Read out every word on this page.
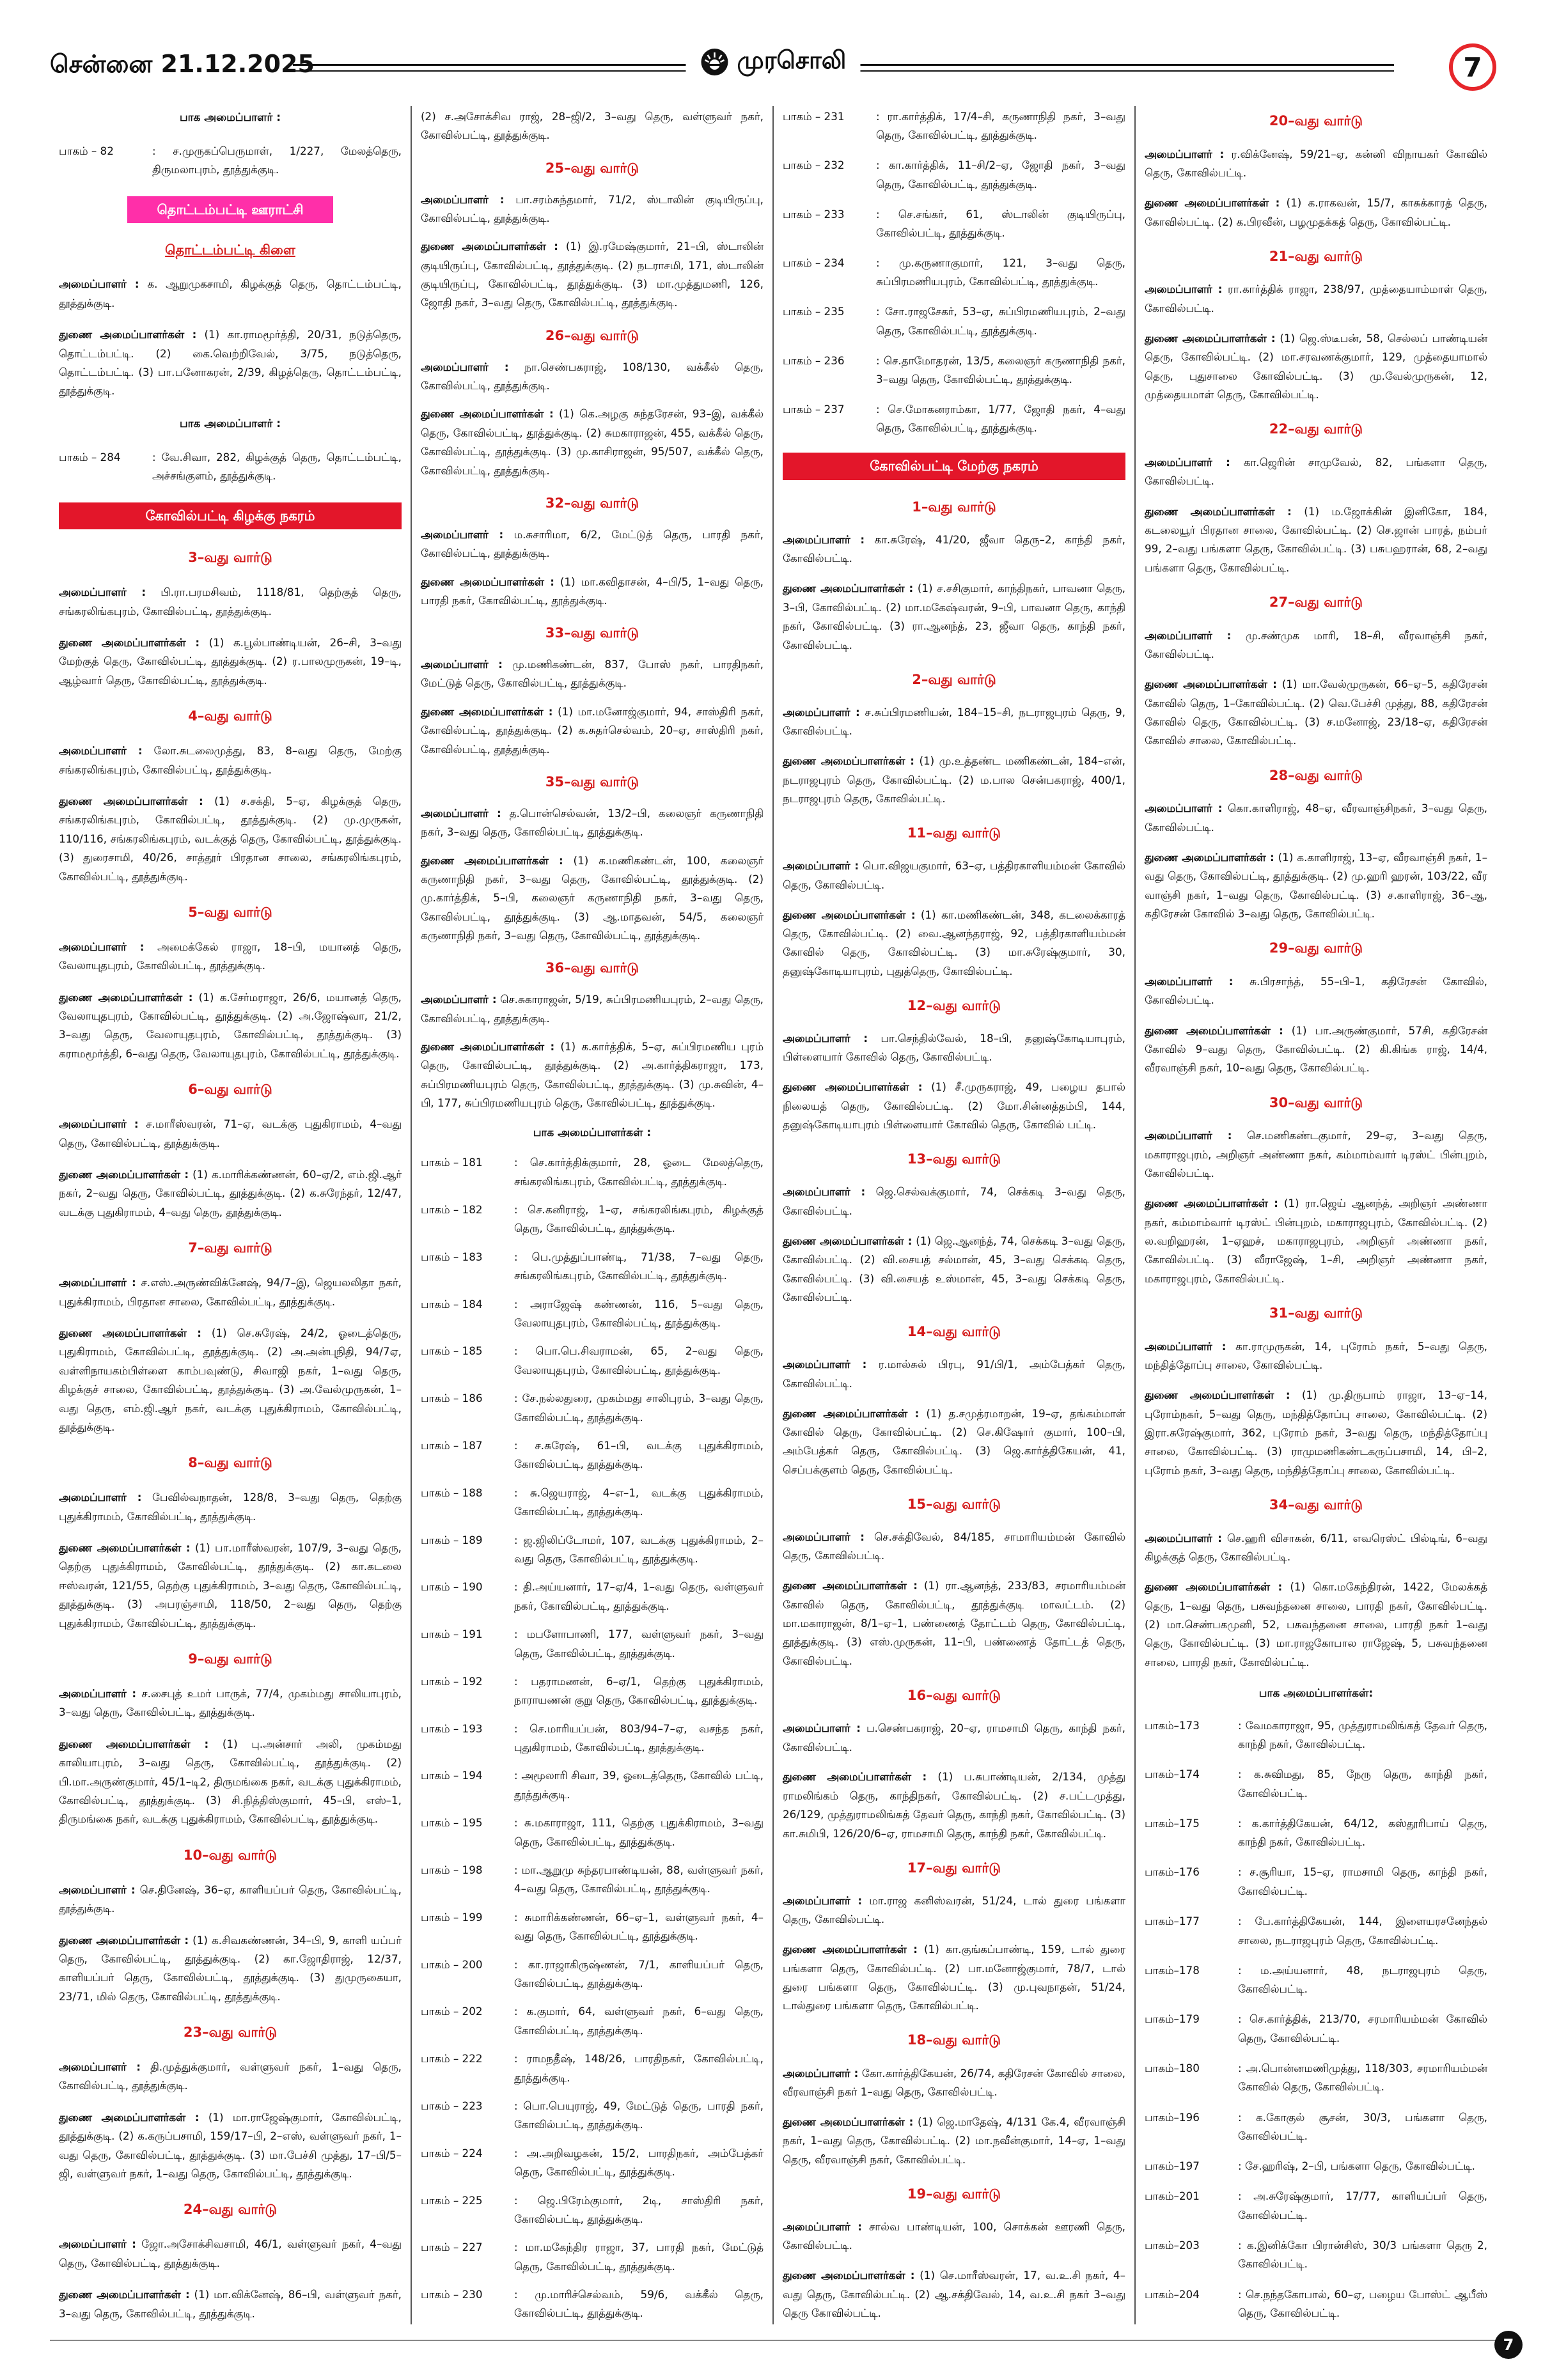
சென்னை 21.12.2025	முரசொலி	7
பாக அமைப்பாளர் :
பாகம் – 82	: ச.முருகப்பெருமாள், 1/227, மேலத்தெரு, திருமலாபுரம், தூத்துக்குடி.
தொட்டம்பட்டி ஊராட்சி
தொட்டம்பட்டி கிளை
அமைப்பாளர் : க. ஆறுமுகசாமி, கிழக்குத் தெரு, தொட்டம்பட்டி, தூத்துக்குடி.
துணை அமைப்பாளர்கள் : (1) கா.ராமமூர்த்தி, 20/31, நடுத்தெரு, தொட்டம்பட்டி. (2) கை.வெற்றிவேல், 3/75, நடுத்தெரு, தொட்டம்பட்டி. (3) பா.பனோகரன், 2/39, கிழத்தெரு, தொட்டம்பட்டி, தூத்துக்குடி.
பாக அமைப்பாளர் :
பாகம் – 284	: வே.சிவா, 282, கிழக்குத் தெரு, தொட்டம்பட்டி, அச்சங்குளம், தூத்துக்குடி.
கோவில்பட்டி கிழக்கு நகரம்
3–வது வார்டு
அமைப்பாளர் : பி.ரா.பரமசிவம், 1118/81, தெற்குத் தெரு, சங்கரலிங்கபுரம், கோவில்பட்டி, தூத்துக்குடி.
துணை அமைப்பாளர்கள் : (1) க.பூல்பாண்டியன், 26–சி, 3–வது மேற்குத் தெரு, கோவில்பட்டி, தூத்துக்குடி. (2) ர.பாலமுருகன், 19–டி, ஆழ்வார் தெரு, கோவில்பட்டி, தூத்துக்குடி.
4–வது வார்டு
அமைப்பாளர் : லோ.சுடலைமுத்து, 83, 8–வது தெரு, மேற்கு சங்கரலிங்கபுரம், கோவில்பட்டி, தூத்துக்குடி.
துணை அமைப்பாளர்கள் : (1) ச.சக்தி, 5–ஏ, கிழக்குத் தெரு, சங்கரலிங்கபுரம், கோவில்பட்டி, தூத்துக்குடி. (2) மு.முருகன், 110/116, சங்கரலிங்கபுரம், வடக்குத் தெரு, கோவில்பட்டி, தூத்துக்குடி. (3) துரைசாமி, 40/26, சாத்தூர் பிரதான சாலை, சங்கரலிங்கபுரம், கோவில்பட்டி, தூத்துக்குடி.
5–வது வார்டு
அமைப்பாளர் : அமைக்கேல் ராஜா, 18–பி, மயானத் தெரு, வேலாயுதபுரம், கோவில்பட்டி, தூத்துக்குடி.
துணை அமைப்பாளர்கள் : (1) க.சேர்மராஜா, 26/6, மயானத் தெரு, வேலாயுதபுரம், கோவில்பட்டி, தூத்துக்குடி. (2) அ.ஜோஷ்வா, 21/2, 3–வது தெரு, வேலாயுதபுரம், கோவில்பட்டி, தூத்துக்குடி. (3) கராமமூர்த்தி, 6–வது தெரு, வேலாயுதபுரம், கோவில்பட்டி, தூத்துக்குடி.
6–வது வார்டு
அமைப்பாளர் : ச.மாரீஸ்வரன், 71–ஏ, வடக்கு புதுகிராமம், 4–வது தெரு, கோவில்பட்டி, தூத்துக்குடி.
துணை அமைப்பாளர்கள் : (1) க.மாரிக்கண்ணன், 60–ஏ/2, எம்.ஜி.ஆர் நகர், 2–வது தெரு, கோவில்பட்டி, தூத்துக்குடி. (2) க.சுரேந்தர், 12/47, வடக்கு புதுகிராமம், 4–வது தெரு, தூத்துக்குடி.
7–வது வார்டு
அமைப்பாளர் : ச.எஸ்.அருண்விக்னேஷ், 94/7–இ, ஜெயலலிதா நகர், புதுக்கிராமம், பிரதான சாலை, கோவில்பட்டி, தூத்துக்குடி.
துணை அமைப்பாளர்கள் : (1) செ.சுரேஷ், 24/2, ஓடைத்தெரு, புதுகிராமம், கோவில்பட்டி, தூத்துக்குடி. (2) அ.அன்புநிதி, 94/7ஏ, வள்ளிநாயகம்பிள்ளை காம்பவுண்டு, சிவாஜி நகர், 1–வது தெரு, கிழக்குச் சாலை, கோவில்பட்டி, தூத்துக்குடி. (3) அ.வேல்முருகன், 1–வது தெரு, எம்.ஜி.ஆர் நகர், வடக்கு புதுக்கிராமம், கோவில்பட்டி, தூத்துக்குடி.
8–வது வார்டு
அமைப்பாளர் : பேவில்வநாதன், 128/8, 3–வது தெரு, தெற்கு புதுக்கிராமம், கோவில்பட்டி, தூத்துக்குடி.
துணை அமைப்பாளர்கள் : (1) பா.மாரீஸ்வரன், 107/9, 3–வது தெரு, தெற்கு புதுக்கிராமம், கோவில்பட்டி, தூத்துக்குடி. (2) கா.கடலை ஈஸ்வரன், 121/55, தெற்கு புதுக்கிராமம், 3–வது தெரு, கோவில்பட்டி, தூத்துக்குடி. (3) அபரஞ்சாமி, 118/50, 2–வது தெரு, தெற்கு புதுக்கிராமம், கோவில்பட்டி, தூத்துக்குடி.
9–வது வார்டு
அமைப்பாளர் : ச.சைபுத் உமர் பாருக், 77/4, முகம்மது சாலியாபுரம், 3–வது தெரு, கோவில்பட்டி, தூத்துக்குடி.
துணை அமைப்பாளர்கள் : (1) பு.அன்சார் அலி, முகம்மது காலியாபுரம், 3–வது தெரு, கோவில்பட்டி, தூத்துக்குடி. (2) பி.மா.அருண்குமார், 45/1–டி2, திருமங்கை நகர், வடக்கு புதுக்கிராமம், கோவில்பட்டி, தூத்துக்குடி. (3) சி.நித்திஸ்குமார், 45–பி, எஸ்–1, திருமங்கை நகர், வடக்கு புதுக்கிராமம், கோவில்பட்டி, தூத்துக்குடி.
10–வது வார்டு
அமைப்பாளர் : செ.தினேஷ், 36–ஏ, காளியப்பர் தெரு, கோவில்பட்டி, தூத்துக்குடி.
துணை அமைப்பாளர்கள் : (1) க.சிவகண்ணன், 34–பி, 9, காளி யப்பர் தெரு, கோவில்பட்டி, தூத்துக்குடி. (2) கா.ஜோதிராஜ், 12/37, காளியப்பர் தெரு, கோவில்பட்டி, தூத்துக்குடி. (3) துமுருகையா, 23/71, மில் தெரு, கோவில்பட்டி, தூத்துக்குடி.
23–வது வார்டு
அமைப்பாளர் : தி.முத்துக்குமார், வள்ளுவர் நகர், 1–வது தெரு, கோவில்பட்டி, தூத்துக்குடி.
துணை அமைப்பாளர்கள் : (1) மா.ராஜேஷ்குமார், கோவில்பட்டி, தூத்துக்குடி. (2) க.கருப்பசாமி, 159/17–பி, 2–எஸ், வள்ளுவர் நகர், 1–வது தெரு, கோவில்பட்டி, தூத்துக்குடி. (3) மா.பேச்சி முத்து, 17–பி/5–ஜி, வள்ளுவர் நகர், 1–வது தெரு, கோவில்பட்டி, தூத்துக்குடி.
24–வது வார்டு
அமைப்பாளர் : ஜோ.அசோக்சிவசாமி, 46/1, வள்ளுவர் நகர், 4–வது தெரு, கோவில்பட்டி, தூத்துக்குடி.
துணை அமைப்பாளர்கள் : (1) மா.விக்னேஷ், 86–பி, வள்ளுவர் நகர், 3–வது தெரு, கோவில்பட்டி, தூத்துக்குடி.
(2) ச.அசோக்சிவ ராஜ், 28–ஜி/2, 3–வது தெரு, வள்ளுவர் நகர், கோவில்பட்டி, தூத்துக்குடி.
25–வது வார்டு
அமைப்பாளர் : பா.சரம்சுந்தமார், 71/2, ஸ்டாலின் குடியிருப்பு, கோவில்பட்டி, தூத்துக்குடி.
துணை அமைப்பாளர்கள் : (1) இ.ரமேஷ்குமார், 21–பி, ஸ்டாலின் குடியிருப்பு, கோவில்பட்டி, தூத்துக்குடி. (2) நடராசமி, 171, ஸ்டாலின் குடியிருப்பு, கோவில்பட்டி, தூத்துக்குடி. (3) மா.முத்துமணி, 126, ஜோதி நகர், 3–வது தெரு, கோவில்பட்டி, தூத்துக்குடி.
26–வது வார்டு
அமைப்பாளர் : நா.செண்பகராஜ், 108/130, வக்கீல் தெரு, கோவில்பட்டி, தூத்துக்குடி.
துணை அமைப்பாளர்கள் : (1) கெ.அழகு சுந்தரேசன், 93–இ, வக்கீல் தெரு, கோவில்பட்டி, தூத்துக்குடி. (2) சுமகாராஜன், 455, வக்கீல் தெரு, கோவில்பட்டி, தூத்துக்குடி. (3) மு.காசிராஜன், 95/507, வக்கீல் தெரு, கோவில்பட்டி, தூத்துக்குடி.
32–வது வார்டு
அமைப்பாளர் : ம.சுசாரிமா, 6/2, மேட்டுத் தெரு, பாரதி நகர், கோவில்பட்டி, தூத்துக்குடி.
துணை அமைப்பாளர்கள் : (1) மா.கவிதாசன், 4–பி/5, 1–வது தெரு, பாரதி நகர், கோவில்பட்டி, தூத்துக்குடி.
33–வது வார்டு
அமைப்பாளர் : மு.மணிகண்டன், 837, போஸ் நகர், பாரதிநகர், மேட்டுத் தெரு, கோவில்பட்டி, தூத்துக்குடி.
துணை அமைப்பாளர்கள் : (1) மா.மனோஜ்குமார், 94, சாஸ்திரி நகர், கோவில்பட்டி, தூத்துக்குடி. (2) க.சுதர்செல்வம், 20–ஏ, சாஸ்திரி நகர், கோவில்பட்டி, தூத்துக்குடி.
35–வது வார்டு
அமைப்பாளர் : த.பொன்செல்வன், 13/2–பி, கலைஞர் கருணாநிதி நகர், 3–வது தெரு, கோவில்பட்டி, தூத்துக்குடி.
துணை அமைப்பாளர்கள் : (1) க.மணிகண்டன், 100, கலைஞர் கருணாநிதி நகர், 3–வது தெரு, கோவில்பட்டி, தூத்துக்குடி. (2) மு.கார்த்திக், 5–பி, கலைஞர் கருணாநிதி நகர், 3–வது தெரு, கோவில்பட்டி, தூத்துக்குடி. (3) ஆ.மாதவன், 54/5, கலைஞர் கருணாநிதி நகர், 3–வது தெரு, கோவில்பட்டி, தூத்துக்குடி.
36–வது வார்டு
அமைப்பாளர் : செ.சுகாராஜன், 5/19, சுப்பிரமணியபுரம், 2–வது தெரு, கோவில்பட்டி, தூத்துக்குடி.
துணை அமைப்பாளர்கள் : (1) க.கார்த்திக், 5–ஏ, சுப்பிரமணிய புரம் தெரு, கோவில்பட்டி, தூத்துக்குடி. (2) அ.கார்த்திகராஜா, 173, சுப்பிரமணியபுரம் தெரு, கோவில்பட்டி, தூத்துக்குடி. (3) மு.சுவின், 4–பி, 177, சுப்பிரமணியபுரம் தெரு, கோவில்பட்டி, தூத்துக்குடி.
பாக அமைப்பாளர்கள் :
பாகம் – 181	: செ.கார்த்திக்குமார், 28, ஓடை மேலத்தெரு, சங்கரலிங்கபுரம், கோவில்பட்டி, தூத்துக்குடி.
பாகம் – 182	: செ.கனிராஜ், 1–ஏ, சங்கரலிங்கபுரம், கிழக்குத் தெரு, கோவில்பட்டி, தூத்துக்குடி.
பாகம் – 183	: பெ.முத்துப்பாண்டி, 71/38, 7–வது தெரு, சங்கரலிங்கபுரம், கோவில்பட்டி, தூத்துக்குடி.
பாகம் – 184	: அராஜேஷ் கண்ணன், 116, 5–வது தெரு, வேலாயுதபுரம், கோவில்பட்டி, தூத்துக்குடி.
பாகம் – 185	: பொ.பெ.சிவராமன், 65, 2–வது தெரு, வேலாயுதபுரம், கோவில்பட்டி, தூத்துக்குடி.
பாகம் – 186	: சே.நல்லதுரை, முகம்மது சாலிபுரம், 3–வது தெரு, கோவில்பட்டி, தூத்துக்குடி.
பாகம் – 187	: ச.சுரேஷ், 61–பி, வடக்கு புதுக்கிராமம், கோவில்பட்டி, தூத்துக்குடி.
பாகம் – 188	: சு.ஜெயராஜ், 4–எ–1, வடக்கு புதுக்கிராமம், கோவில்பட்டி, தூத்துக்குடி.
பாகம் – 189	: ஜ.ஜிலிப்டோமர், 107, வடக்கு புதுக்கிராமம், 2–வது தெரு, கோவில்பட்டி, தூத்துக்குடி.
பாகம் – 190	: தி.அய்யனார், 17–ஏ/4, 1–வது தெரு, வள்ளுவர் நகர், கோவில்பட்டி, தூத்துக்குடி.
பாகம் – 191	: மபளோபாணி, 177, வள்ளுவர் நகர், 3–வது தெரு, கோவில்பட்டி, தூத்துக்குடி.
பாகம் – 192	: பதராமணன், 6–ஏ/1, தெற்கு புதுக்கிராமம், நாராயணன் குறு தெரு, கோவில்பட்டி, தூத்துக்குடி.
பாகம் – 193	: செ.மாரியப்பன், 803/94–7–ஏ, வசந்த நகர், புதுகிராமம், கோவில்பட்டி, தூத்துக்குடி.
பாகம் – 194	: அமூலாரி சிவா, 39, ஓடைத்தெரு, கோவில் பட்டி, தூத்துக்குடி.
பாகம் – 195	: சு.மகாராஜா, 111, தெற்கு புதுக்கிராமம், 3–வது தெரு, கோவில்பட்டி, தூத்துக்குடி.
பாகம் – 198	: மா.ஆறுமு சுந்தரபாண்டியன், 88, வள்ளுவர் நகர், 4–வது தெரு, கோவில்பட்டி, தூத்துக்குடி.
பாகம் – 199	: சுமாரிக்கண்ணன், 66–ஏ–1, வள்ளுவர் நகர், 4–வது தெரு, கோவில்பட்டி, தூத்துக்குடி.
பாகம் – 200	: கா.ராஜாகிருஷ்ணன், 7/1, காளியப்பர் தெரு, கோவில்பட்டி, தூத்துக்குடி.
பாகம் – 202	: க.குமார், 64, வள்ளுவர் நகர், 6–வது தெரு, கோவில்பட்டி, தூத்துக்குடி.
பாகம் – 222	: ராமநதீஷ், 148/26, பாரதிநகர், கோவில்பட்டி, தூத்துக்குடி.
பாகம் – 223	: பொ.பெயுராஜ், 49, மேட்டுத் தெரு, பாரதி நகர், கோவில்பட்டி, தூத்துக்குடி.
பாகம் – 224	: அ.அறிவழகன், 15/2, பாரதிநகர், அம்பேத்கர் தெரு, கோவில்பட்டி, தூத்துக்குடி.
பாகம் – 225	: ஜெ.பிரேம்குமார், 2டி, சாஸ்திரி நகர், கோவில்பட்டி, தூத்துக்குடி.
பாகம் – 227	: மா.மகேந்திர ராஜா, 37, பாரதி நகர், மேட்டுத் தெரு, கோவில்பட்டி, தூத்துக்குடி.
பாகம் – 230	: மு.மாரிச்செல்வம், 59/6, வக்கீல் தெரு, கோவில்பட்டி, தூத்துக்குடி.
பாகம் – 231	: ரா.கார்த்திக், 17/4–சி, கருணாநிதி நகர், 3–வது தெரு, கோவில்பட்டி, தூத்துக்குடி.
பாகம் – 232	: கா.கார்த்திக், 11–சி/2–ஏ, ஜோதி நகர், 3–வது தெரு, கோவில்பட்டி, தூத்துக்குடி.
பாகம் – 233	: செ.சங்கர், 61, ஸ்டாலின் குடியிருப்பு, கோவில்பட்டி, தூத்துக்குடி.
பாகம் – 234	: மு.கருணாகுமார், 121, 3–வது தெரு, சுப்பிரமணியபுரம், கோவில்பட்டி, தூத்துக்குடி.
பாகம் – 235	: சோ.ராஜசேகர், 53–ஏ, சுப்பிரமணியபுரம், 2–வது தெரு, கோவில்பட்டி, தூத்துக்குடி.
பாகம் – 236	: செ.தாமோதரன், 13/5, கலைஞர் கருணாநிதி நகர், 3–வது தெரு, கோவில்பட்டி, தூத்துக்குடி.
பாகம் – 237	: செ.மோகனராம்கா, 1/77, ஜோதி நகர், 4–வது தெரு, கோவில்பட்டி, தூத்துக்குடி.
கோவில்பட்டி மேற்கு நகரம்
1–வது வார்டு
அமைப்பாளர் : கா.சுரேஷ், 41/20, ஜீவா தெரு–2, காந்தி நகர், கோவில்பட்டி.
துணை அமைப்பாளர்கள் : (1) ச.சசிகுமார், காந்திநகர், பாவனா தெரு, 3–பி, கோவில்பட்டி. (2) மா.மகேஷ்வரன், 9–பி, பாவனா தெரு, காந்தி நகர், கோவில்பட்டி. (3) ரா.ஆனந்த், 23, ஜீவா தெரு, காந்தி நகர், கோவில்பட்டி.
2–வது வார்டு
அமைப்பாளர் : ச.சுப்பிரமணியன், 184–15–சி, நடராஜபுரம் தெரு, 9, கோவில்பட்டி.
துணை அமைப்பாளர்கள் : (1) மு.உத்தண்ட மணிகண்டன், 184–என், நடராஜபுரம் தெரு, கோவில்பட்டி. (2) ம.பால சென்பகராஜ், 400/1, நடராஜபுரம் தெரு, கோவில்பட்டி.
11–வது வார்டு
அமைப்பாளர் : பொ.விஜயகுமார், 63–ஏ, பத்திரகாளியம்மன் கோவில் தெரு, கோவில்பட்டி.
துணை அமைப்பாளர்கள் : (1) கா.மணிகண்டன், 348, கடலைக்காரத் தெரு, கோவில்பட்டி. (2) வை.ஆனந்தராஜ், 92, பத்திரகாளியம்மன் கோவில் தெரு, கோவில்பட்டி. (3) மா.சுரேஷ்குமார், 30, தனுஷ்கோடியாபுரம், புதுத்தெரு, கோவில்பட்டி.
12–வது வார்டு
அமைப்பாளர் : பா.செந்தில்வேல், 18–பி, தனுஷ்கோடியாபுரம், பிள்ளையார் கோவில் தெரு, கோவில்பட்டி.
துணை அமைப்பாளர்கள் : (1) சீ.முருகராஜ், 49, பழைய தபால் நிலையத் தெரு, கோவில்பட்டி. (2) மோ.சின்னத்தம்பி, 144, தனுஷ்கோடியாபுரம் பிள்ளையார் கோவில் தெரு, கோவில் பட்டி.
13–வது வார்டு
அமைப்பாளர் : ஜெ.செல்வக்குமார், 74, செக்கடி 3–வது தெரு, கோவில்பட்டி.
துணை அமைப்பாளர்கள் : (1) ஜெ.ஆனந்த், 74, செக்கடி 3–வது தெரு, கோவில்பட்டி. (2) வி.சையத் சல்மான், 45, 3–வது செக்கடி தெரு, கோவில்பட்டி. (3) வி.சையத் உஸ்மான், 45, 3–வது செக்கடி தெரு, கோவில்பட்டி.
14–வது வார்டு
அமைப்பாளர் : ர.மால்சுல் பிரபு, 91/பி/1, அம்பேத்கர் தெரு, கோவில்பட்டி.
துணை அமைப்பாளர்கள் : (1) த.சமுத்ரமாறன், 19–ஏ, தங்கம்மாள் கோவில் தெரு, கோவில்பட்டி. (2) செ.கிஷோர் குமார், 100–பி, அம்பேத்கர் தெரு, கோவில்பட்டி. (3) ஜெ.கார்த்திகேயன், 41, செப்பக்குளம் தெரு, கோவில்பட்டி.
15–வது வார்டு
அமைப்பாளர் : செ.சக்திவேல், 84/185, சாமாரியம்மன் கோவில் தெரு, கோவில்பட்டி.
துணை அமைப்பாளர்கள் : (1) ரா.ஆனந்த், 233/83, சரமாரியம்மன் கோவில் தெரு, கோவில்பட்டி, தூத்துக்குடி மாவட்டம். (2) மா.மகாராஜன், 8/1–ஏ–1, பண்ணைத் தோட்டம் தெரு, கோவில்பட்டி, தூத்துக்குடி. (3) எஸ்.முருகன், 11–பி, பண்ணைத் தோட்டத் தெரு, கோவில்பட்டி.
16–வது வார்டு
அமைப்பாளர் : ப.செண்பகராஜ், 20–ஏ, ராமசாமி தெரு, காந்தி நகர், கோவில்பட்டி.
துணை அமைப்பாளர்கள் : (1) ப.சுபாண்டியன், 2/134, முத்து ராமலிங்கம் தெரு, காந்திநகர், கோவில்பட்டி. (2) ச.பட்டமுத்து, 26/129, முத்துராமலிங்கத் தேவர் தெரு, காந்தி நகர், கோவில்பட்டி. (3) கா.சுமிபி, 126/20/6–ஏ, ராமசாமி தெரு, காந்தி நகர், கோவில்பட்டி.
17–வது வார்டு
அமைப்பாளர் : மா.ராஜ கனிஸ்வரன், 51/24, டால் துரை பங்களா தெரு, கோவில்பட்டி.
துணை அமைப்பாளர்கள் : (1) கா.குங்கப்பாண்டி, 159, டால் துரை பங்களா தெரு, கோவில்பட்டி. (2) பா.மனோஜ்குமார், 78/7, டால் துரை பங்களா தெரு, கோவில்பட்டி. (3) மு.புவநாதன், 51/24, டால்துரை பங்களா தெரு, கோவில்பட்டி.
18–வது வார்டு
அமைப்பாளர் : கோ.கார்த்திகேயன், 26/74, கதிரேசன் கோவில் சாலை, வீரவாஞ்சி நகர் 1–வது தெரு, கோவில்பட்டி.
துணை அமைப்பாளர்கள் : (1) ஜெ.மாதேஷ், 4/131 கே.4, வீரவாஞ்சி நகர், 1–வது தெரு, கோவில்பட்டி. (2) மா.நவீன்குமார், 14–ஏ, 1–வது தெரு, வீரவாஞ்சி நகர், கோவில்பட்டி.
19–வது வார்டு
அமைப்பாளர் : சால்வ பாண்டியன், 100, சொக்கன் ஊரணி தெரு, கோவில்பட்டி.
துணை அமைப்பாளர்கள் : (1) செ.மாரீஸ்வரன், 17, வ.உ.சி நகர், 4–வது தெரு, கோவில்பட்டி. (2) ஆ.சக்திவேல், 14, வ.உ.சி நகர் 3–வது தெரு கோவில்பட்டி.
20–வது வார்டு
அமைப்பாளர் : ர.விக்னேஷ், 59/21–ஏ, கன்னி விநாயகர் கோவில் தெரு, கோவில்பட்டி.
துணை அமைப்பாளர்கள் : (1) க.ராகவன், 15/7, காசுக்காரத் தெரு, கோவில்பட்டி. (2) க.பிரவீன், பழமுதக்கத் தெரு, கோவில்பட்டி.
21–வது வார்டு
அமைப்பாளர் : ரா.கார்த்திக் ராஜா, 238/97, முத்தையாம்மாள் தெரு, கோவில்பட்டி.
துணை அமைப்பாளர்கள் : (1) ஜெ.ஸ்டீபன், 58, செல்லப் பாண்டியன் தெரு, கோவில்பட்டி. (2) மா.சரவணக்குமார், 129, முத்தையாமால் தெரு, புதுசாலை கோவில்பட்டி. (3) மு.வேல்முருகன், 12, முத்தையமாள் தெரு, கோவில்பட்டி.
22–வது வார்டு
அமைப்பாளர் : கா.ஜெரின் சாமுவேல், 82, பங்களா தெரு, கோவில்பட்டி.
துணை அமைப்பாளர்கள் : (1) ம.ஜோக்கின் இனிகோ, 184, கடலையூர் பிரதான சாலை, கோவில்பட்டி. (2) செ.ஜான் பாரத், நம்பர் 99, 2–வது பங்களா தெரு, கோவில்பட்டி. (3) பசுபஹரான், 68, 2–வது பங்களா தெரு, கோவில்பட்டி.
27–வது வார்டு
அமைப்பாளர் : மு.சண்முக மாரி, 18–சி, வீரவாஞ்சி நகர், கோவில்பட்டி.
துணை அமைப்பாளர்கள் : (1) மா.வேல்முருகன், 66–ஏ–5, கதிரேசன் கோவில் தெரு, 1–கோவில்பட்டி. (2) வெ.பேச்சி முத்து, 88, கதிரேசன் கோவில் தெரு, கோவில்பட்டி. (3) ச.மனோஜ், 23/18–ஏ, கதிரேசன் கோவில் சாலை, கோவில்பட்டி.
28–வது வார்டு
அமைப்பாளர் : கொ.காளிராஜ், 48–ஏ, வீரவாஞ்சிநகர், 3–வது தெரு, கோவில்பட்டி.
துணை அமைப்பாளர்கள் : (1) க.காளிராஜ், 13–ஏ, வீரவாஞ்சி நகர், 1–வது தெரு, கோவில்பட்டி, தூத்துக்குடி. (2) மு.ஹரி ஹரன், 103/22, வீர வாஞ்சி நகர், 1–வது தெரு, கோவில்பட்டி. (3) ச.காளிராஜ், 36–ஆ, கதிரேசன் கோவில் 3–வது தெரு, கோவில்பட்டி.
29–வது வார்டு
அமைப்பாளர் : சு.பிரசாந்த், 55–பி–1, கதிரேசன் கோவில், கோவில்பட்டி.
துணை அமைப்பாளர்கள் : (1) பா.அருண்குமார், 57சி, கதிரேசன் கோவில் 9–வது தெரு, கோவில்பட்டி. (2) கி.கிங்க ராஜ், 14/4, வீரவாஞ்சி நகர், 10–வது தெரு, கோவில்பட்டி.
30–வது வார்டு
அமைப்பாளர் : செ.மணிகண்டகுமார், 29–ஏ, 3–வது தெரு, மகாராஜபுரம், அறிஞர் அண்ணா நகர், கம்மாம்வார் டிரஸ்ட் பின்புறம், கோவில்பட்டி.
துணை அமைப்பாளர்கள் : (1) ரா.ஜெய் ஆனந்த், அறிஞர் அண்ணா நகர், கம்மாம்வார் டிரஸ்ட் பின்புறம், மகாராஜபுரம், கோவில்பட்டி. (2) ல.வறிஹரன், 1–ஏஹச், மகாராஜபுரம், அறிஞர் அண்ணா நகர், கோவில்பட்டி. (3) வீராஜேஷ், 1–சி, அறிஞர் அண்ணா நகர், மகாராஜபுரம், கோவில்பட்டி.
31–வது வார்டு
அமைப்பாளர் : கா.ராமுருகன், 14, புரோம் நகர், 5–வது தெரு, மந்தித்தோப்பு சாலை, கோவில்பட்டி.
துணை அமைப்பாளர்கள் : (1) மு.திருபாம் ராஜா, 13–ஏ–14, புரோம்நகர், 5–வது தெரு, மந்தித்தோப்பு சாலை, கோவில்பட்டி. (2) இரா.சுரேஷ்குமார், 362, புரோம் நகர், 3–வது தெரு, மந்தித்தோப்பு சாலை, கோவில்பட்டி. (3) ராமுமணிகண்டகருப்பசாமி, 14, பி–2, புரோம் நகர், 3–வது தெரு, மந்தித்தோப்பு சாலை, கோவில்பட்டி.
34–வது வார்டு
அமைப்பாளர் : செ.ஹரி விசாகன், 6/11, எவரெஸ்ட் பில்டிங், 6–வது கிழக்குத் தெரு, கோவில்பட்டி.
துணை அமைப்பாளர்கள் : (1) கொ.மகேந்திரன், 1422, மேலக்கத் தெரு, 1–வது தெரு, பசுவந்தனை சாலை, பாரதி நகர், கோவில்பட்டி. (2) மா.செண்பகமுனி, 52, பசுவந்தனை சாலை, பாரதி நகர் 1–வது தெரு, கோவில்பட்டி. (3) மா.ராஜகோபால ராஜேஷ், 5, பசுவந்தனை சாலை, பாரதி நகர், கோவில்பட்டி.
பாக அமைப்பாளர்கள்:
பாகம்–173	: வேமகாராஜா, 95, முத்துராமலிங்கத் தேவர் தெரு, காந்தி நகர், கோவில்பட்டி.
பாகம்–174	: க.சுவிமது, 85, நேரு தெரு, காந்தி நகர், கோவில்பட்டி.
பாகம்–175	: க.கார்த்திகேயன், 64/12, கஸ்தூரிபாய் தெரு, காந்தி நகர், கோவில்பட்டி.
பாகம்–176	: ச.சூரியா, 15–ஏ, ராமசாமி தெரு, காந்தி நகர், கோவில்பட்டி.
பாகம்–177	: பே.கார்த்திகேயன், 144, இளையரசனேந்தல் சாலை, நடராஜபுரம் தெரு, கோவில்பட்டி.
பாகம்–178	: ம.அய்யனார், 48, நடராஜபுரம் தெரு, கோவில்பட்டி.
பாகம்–179	: செ.கார்த்திக், 213/70, சரமாரியம்மன் கோவில் தெரு, கோவில்பட்டி.
பாகம்–180	: அ.பொன்னமணிமுத்து, 118/303, சரமாரியம்மன் கோவில் தெரு, கோவில்பட்டி.
பாகம்–196	: க.கோகுல் சூசன், 30/3, பங்களா தெரு, கோவில்பட்டி.
பாகம்–197	: சே.ஹரிஷ், 2–பி, பங்களா தெரு, கோவில்பட்டி.
பாகம்–201	: அ.சுரேஷ்குமார், 17/77, காளியப்பர் தெரு, கோவில்பட்டி.
பாகம்–203	: க.இனிக்கோ பிரான்சிஸ், 30/3 பங்களா தெரு 2, கோவில்பட்டி.
பாகம்–204	: செ.நந்தகோபால், 60–ஏ, பழைய போஸ்ட் ஆபீஸ் தெரு, கோவில்பட்டி.
7
